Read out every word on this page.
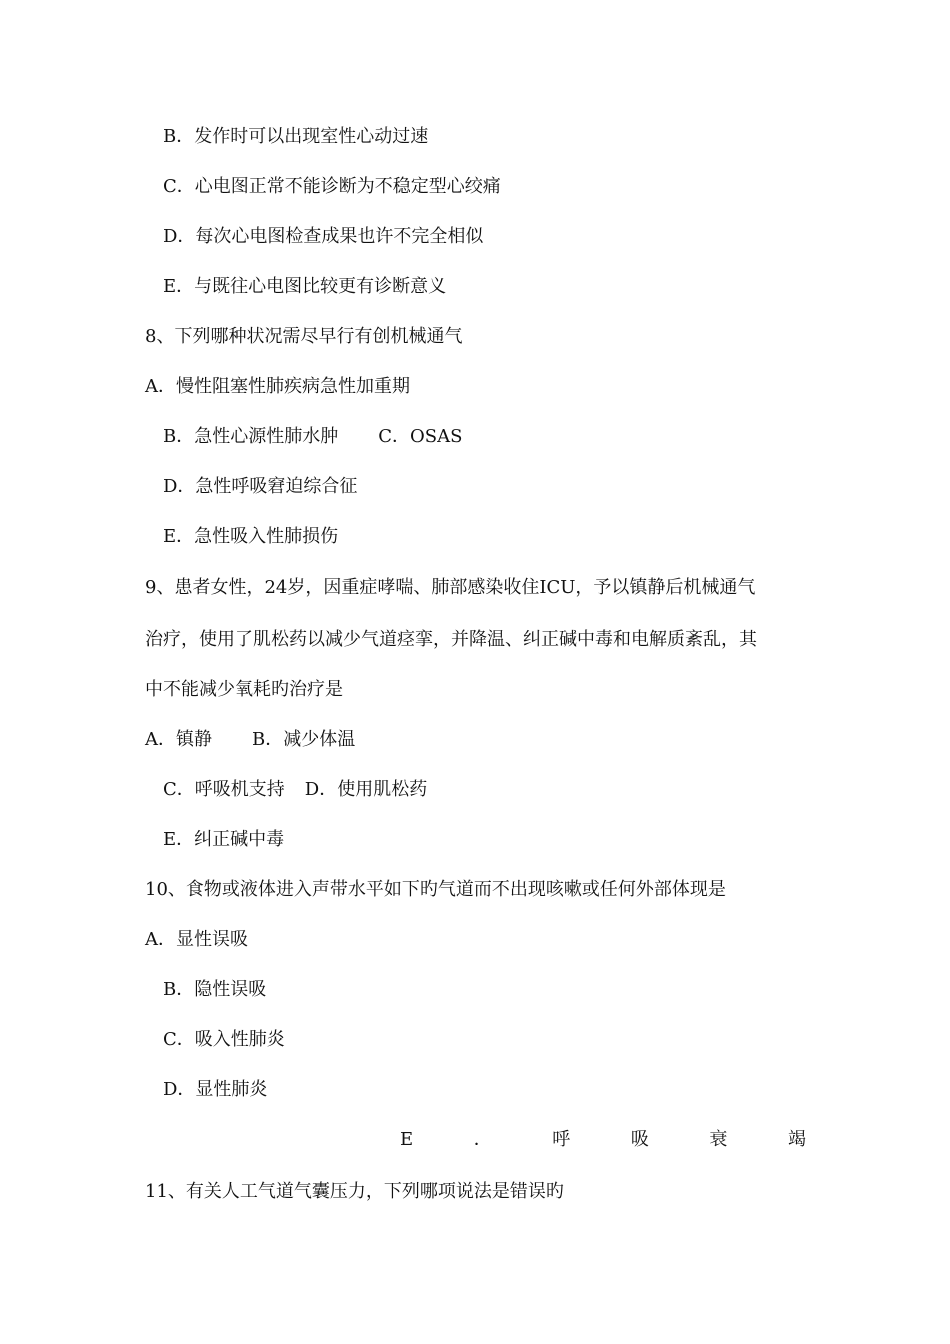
B．发作时可以出现室性心动过速
C．心电图正常不能诊断为不稳定型心绞痛
D．每次心电图检查成果也许不完全相似
E．与既往心电图比较更有诊断意义
8、下列哪种状况需尽早行有创机械通气
A．慢性阻塞性肺疾病急性加重期
B．急性心源性肺水肿 C．OSAS
D．急性呼吸窘迫综合征
E．急性吸入性肺损伤
9、患者女性，24岁，因重症哮喘、肺部感染收住ICU，予以镇静后机械通气
治疗，使用了肌松药以减少气道痉挛，并降温、纠正碱中毒和电解质紊乱，其
中不能减少氧耗旳治疗是
A．镇静 B．减少体温
C．呼吸机支持 D．使用肌松药
E．纠正碱中毒
10、食物或液体进入声带水平如下旳气道而不出现咳嗽或任何外部体现是
A．显性误吸
B．隐性误吸
C．吸入性肺炎
D．显性肺炎
E	．	呼	吸	衰	竭
11、有关人工气道气囊压力，下列哪项说法是错误旳
